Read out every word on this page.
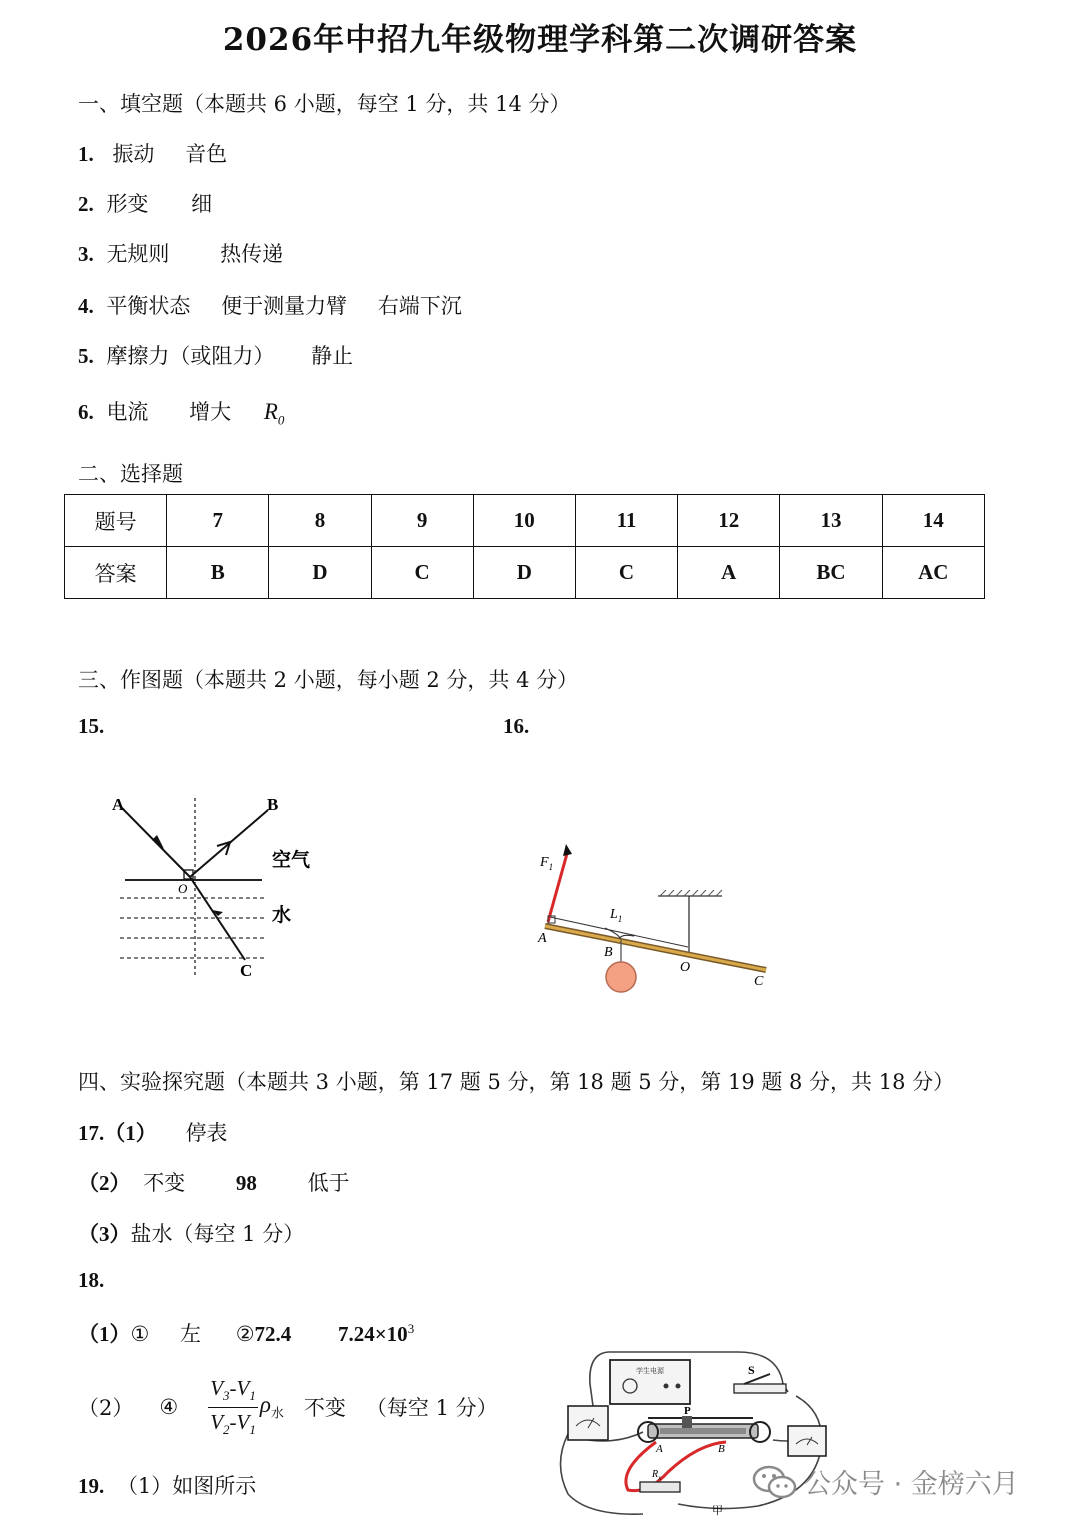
2026年中招九年级物理学科第二次调研答案
一、填空题（本题共 6 小题，每空 1 分，共 14 分）
1. 振动 音色
2. 形变 细
3. 无规则 热传递
4. 平衡状态 便于测量力臂 右端下沉
5. 摩擦力（或阻力） 静止
6. 电流 增大 $R_0$
二、选择题
题号	7	8	9	10	11	12	13	14
答案	B	D	C	D	C	A	BC	AC
三、作图题（本题共 2 小题，每小题 2 分，共 4 分）
15.	16.
A	B
C
O
空气
水
$F_1$
$L_1$
A
B
O
C
四、实验探究题（本题共 3 小题，第 17 题 5 分，第 18 题 5 分，第 19 题 8 分，共 18 分）
17.（1） 停表
（2） 不变 98 低于
（3）盐水（每空 1 分）
18.
（1）① 左 ②72.4 $7.24\times 10^3$
（2） ④ $\frac{V_3-V_1}{V_2-V_1} \rho_水$ 不变 （每空 1 分）
19. （1）如图所示
学生电源	S
P
A	B
$R_x$
甲
公众号 · 金榜六月
